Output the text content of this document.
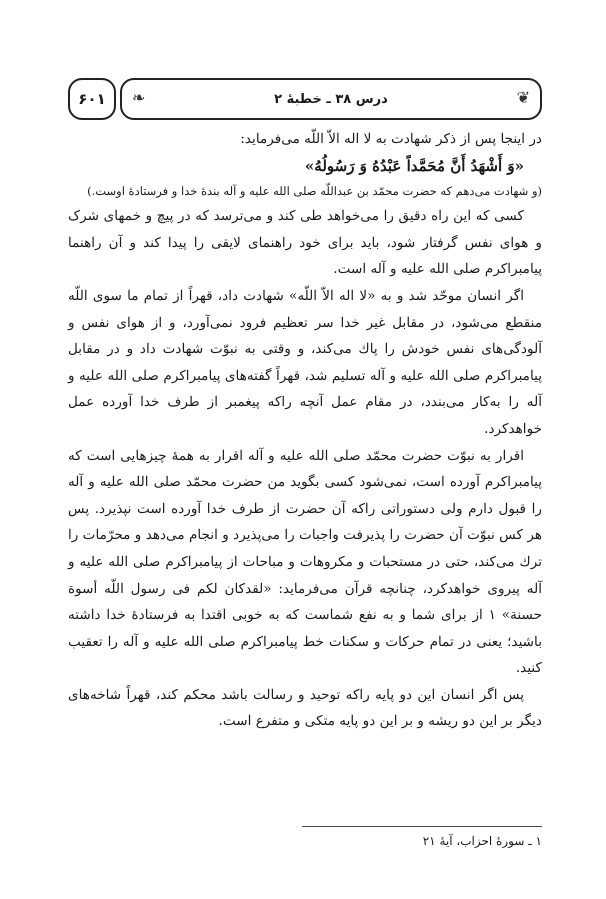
۶۰۱	❦
درس ۳۸ ـ خطبهٔ ۲
❧

در اینجا پس از ذکر شهادت به لا اله الاّ اللّه می‌فرماید:

«وَ أَشْهَدُ أَنَّ مُحَمَّداً عَبْدُهُ وَ رَسُولُهُ»

(و شهادت می‌دهم که حضرت محمّد بن عبداللّه صلی الله علیه و آله بندهٔ خدا و فرستادهٔ اوست.)

کسی که این راه دقیق را می‌خواهد طی کند و می‌ترسد که در پیچ و خمهای شرک و هوای نفس گرفتار شود، باید برای خود راهنمای لایقی را پیدا کند و آن راهنما پیامبراکرم صلی الله علیه و آله است.

اگر انسان موحّد شد و به «لا اله الاّ اللّه» شهادت داد، قهراً از تمام ما سوی اللّه منقطع می‌شود، در مقابل غیر خدا سر تعظیم فرود نمی‌آورد، و از هوای نفس و آلودگی‌های نفس خودش را پاك می‌کند، و وقتی به نبوّت شهادت داد و در مقابل پیامبراکرم صلی الله علیه و آله تسلیم شد، قهراً گفته‌های پیامبراکرم صلی الله علیه و آله را به‌کار می‌بندد، در مقام عمل آنچه راکه پیغمبر از طرف خدا آورده عمل خواهدکرد.

اقرار به نبوّت حضرت محمّد صلی الله علیه و آله اقرار به همهٔ چیزهایی است که پیامبراکرم آورده است، نمی‌شود کسی بگوید من حضرت محمّد صلی الله علیه و آله را قبول دارم ولی دستوراتی راکه آن حضرت از طرف خدا آورده است نپذیرد. پس هر کس نبوّت آن حضرت را پذیرفت واجبات را می‌پذیرد و انجام می‌دهد و محرّمات را ترك می‌کند، حتی در مستحبات و مکروهات و مباحات از پیامبراکرم صلی الله علیه و آله پیروی خواهدکرد، چنانچه قرآن می‌فرماید: «لقدکان لکم فی رسول اللّه أسوة حسنة» ۱ از برای شما و به نفع شماست که به خوبی اقتدا به فرستادهٔ خدا داشته باشید؛ یعنی در تمام حرکات و سکنات خط پیامبراکرم صلی الله علیه و آله را تعقیب کنید.

پس اگر انسان این دو پایه راکه توحید و رسالت باشد محکم کند، قهراً شاخه‌های دیگر بر این دو ریشه و بر این دو پایه متکی و متفرع است.

۱ ـ سورهٔ احزاب، آیهٔ ۲۱
